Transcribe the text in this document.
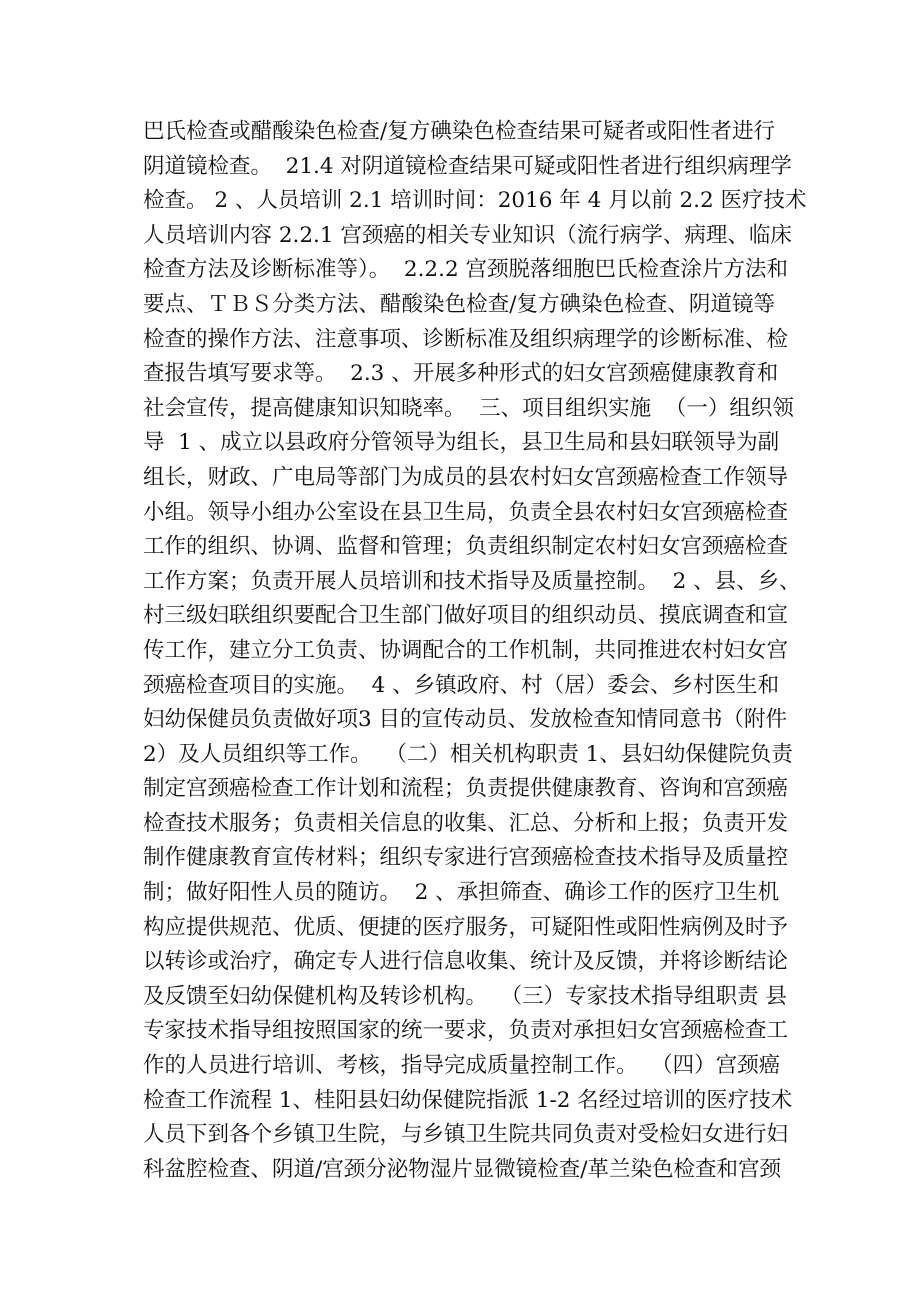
巴氏检查或醋酸染色检查/复方碘染色检查结果可疑者或阳性者进行
阴道镜检查。  21.4 对阴道镜检查结果可疑或阳性者进行组织病理学
检查。 2 、人员培训 2.1 培训时间：2016 年 4 月以前 2.2 医疗技术
人员培训内容 2.2.1 宫颈癌的相关专业知识（流行病学、病理、临床
检查方法及诊断标准等）。  2.2.2 宫颈脱落细胞巴氏检查涂片方法和
要点、ＴＢＳ分类方法、醋酸染色检查/复方碘染色检查、阴道镜等
检查的操作方法、注意事项、诊断标准及组织病理学的诊断标准、检
查报告填写要求等。  2.3 、开展多种形式的妇女宫颈癌健康教育和
社会宣传，提高健康知识知晓率。  三、项目组织实施  （一）组织领
导  1 、成立以县政府分管领导为组长，县卫生局和县妇联领导为副
组长，财政、广电局等部门为成员的县农村妇女宫颈癌检查工作领导
小组。领导小组办公室设在县卫生局，负责全县农村妇女宫颈癌检查
工作的组织、协调、监督和管理；负责组织制定农村妇女宫颈癌检查
工作方案；负责开展人员培训和技术指导及质量控制。  2 、县、乡、
村三级妇联组织要配合卫生部门做好项目的组织动员、摸底调查和宣
传工作，建立分工负责、协调配合的工作机制，共同推进农村妇女宫
颈癌检查项目的实施。  4 、乡镇政府、村（居）委会、乡村医生和
妇幼保健员负责做好项3 目的宣传动员、发放检查知情同意书（附件
2）及人员组织等工作。  （二）相关机构职责 1、县妇幼保健院负责
制定宫颈癌检查工作计划和流程；负责提供健康教育、咨询和宫颈癌
检查技术服务；负责相关信息的收集、汇总、分析和上报；负责开发
制作健康教育宣传材料；组织专家进行宫颈癌检查技术指导及质量控
制；做好阳性人员的随访。  2 、承担筛查、确诊工作的医疗卫生机
构应提供规范、优质、便捷的医疗服务，可疑阳性或阳性病例及时予
以转诊或治疗，确定专人进行信息收集、统计及反馈，并将诊断结论
及反馈至妇幼保健机构及转诊机构。  （三）专家技术指导组职责 县
专家技术指导组按照国家的统一要求，负责对承担妇女宫颈癌检查工
作的人员进行培训、考核，指导完成质量控制工作。  （四）宫颈癌
检查工作流程 1、桂阳县妇幼保健院指派 1-2 名经过培训的医疗技术
人员下到各个乡镇卫生院，与乡镇卫生院共同负责对受检妇女进行妇
科盆腔检查、阴道/宫颈分泌物湿片显微镜检查/革兰染色检查和宫颈
